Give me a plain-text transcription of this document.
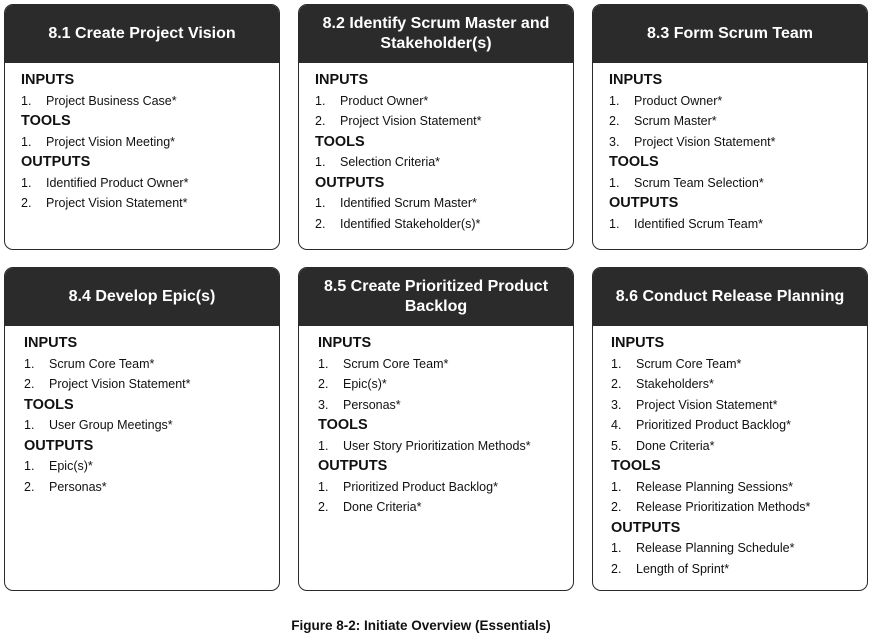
8.1 Create Project Vision
INPUTS
1.	Project Business Case*
TOOLS
1.	Project Vision Meeting*
OUTPUTS
1.	Identified Product Owner*
2.	Project Vision Statement*
8.2 Identify Scrum Master and
Stakeholder(s)
INPUTS
1.	Product Owner*
2.	Project Vision Statement*
TOOLS
1.	Selection Criteria*
OUTPUTS
1.	Identified Scrum Master*
2.	Identified Stakeholder(s)*
8.3 Form Scrum Team
INPUTS
1.	Product Owner*
2.	Scrum Master*
3.	Project Vision Statement*
TOOLS
1.	Scrum Team Selection*
OUTPUTS
1.	Identified Scrum Team*
8.4 Develop Epic(s)
INPUTS
1.	Scrum Core Team*
2.	Project Vision Statement*
TOOLS
1.	User Group Meetings*
OUTPUTS
1.	Epic(s)*
2.	Personas*
8.5 Create Prioritized Product
Backlog
INPUTS
1.	Scrum Core Team*
2.	Epic(s)*
3.	Personas*
TOOLS
1.	User Story Prioritization Methods*
OUTPUTS
1.	Prioritized Product Backlog*
2.	Done Criteria*
8.6 Conduct Release Planning
INPUTS
1.	Scrum Core Team*
2.	Stakeholders*
3.	Project Vision Statement*
4.	Prioritized Product Backlog*
5.	Done Criteria*
TOOLS
1.	Release Planning Sessions*
2.	Release Prioritization Methods*
OUTPUTS
1.	Release Planning Schedule*
2.	Length of Sprint*
Figure 8-2: Initiate Overview (Essentials)
